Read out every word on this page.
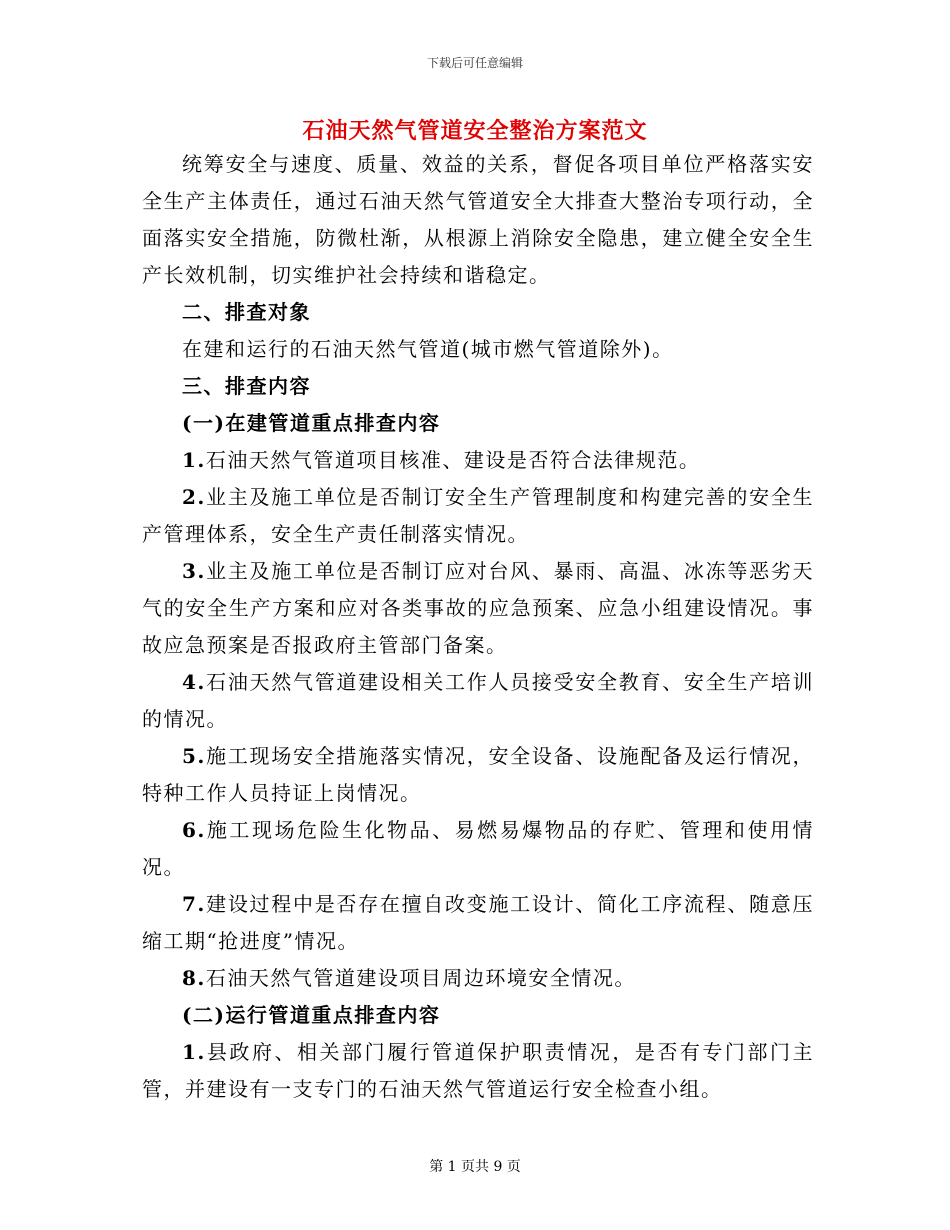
下载后可任意编辑
石油天然气管道安全整治方案范文

统筹安全与速度、质量、效益的关系，督促各项目单位严格落实安全生产主体责任，通过石油天然气管道安全大排查大整治专项行动，全面落实安全措施，防微杜渐，从根源上消除安全隐患，建立健全安全生产长效机制，切实维护社会持续和谐稳定。

二、排查对象

在建和运行的石油天然气管道(城市燃气管道除外)。

三、排查内容

(一)在建管道重点排查内容

1.石油天然气管道项目核准、建设是否符合法律规范。

2.业主及施工单位是否制订安全生产管理制度和构建完善的安全生产管理体系，安全生产责任制落实情况。

3.业主及施工单位是否制订应对台风、暴雨、高温、冰冻等恶劣天气的安全生产方案和应对各类事故的应急预案、应急小组建设情况。事故应急预案是否报政府主管部门备案。

4.石油天然气管道建设相关工作人员接受安全教育、安全生产培训的情况。

5.施工现场安全措施落实情况，安全设备、设施配备及运行情况，特种工作人员持证上岗情况。

6.施工现场危险生化物品、易燃易爆物品的存贮、管理和使用情况。

7.建设过程中是否存在擅自改变施工设计、简化工序流程、随意压缩工期“抢进度”情况。

8.石油天然气管道建设项目周边环境安全情况。

(二)运行管道重点排查内容

1.县政府、相关部门履行管道保护职责情况，是否有专门部门主管，并建设有一支专门的石油天然气管道运行安全检查小组。

第 1 页共 9 页
